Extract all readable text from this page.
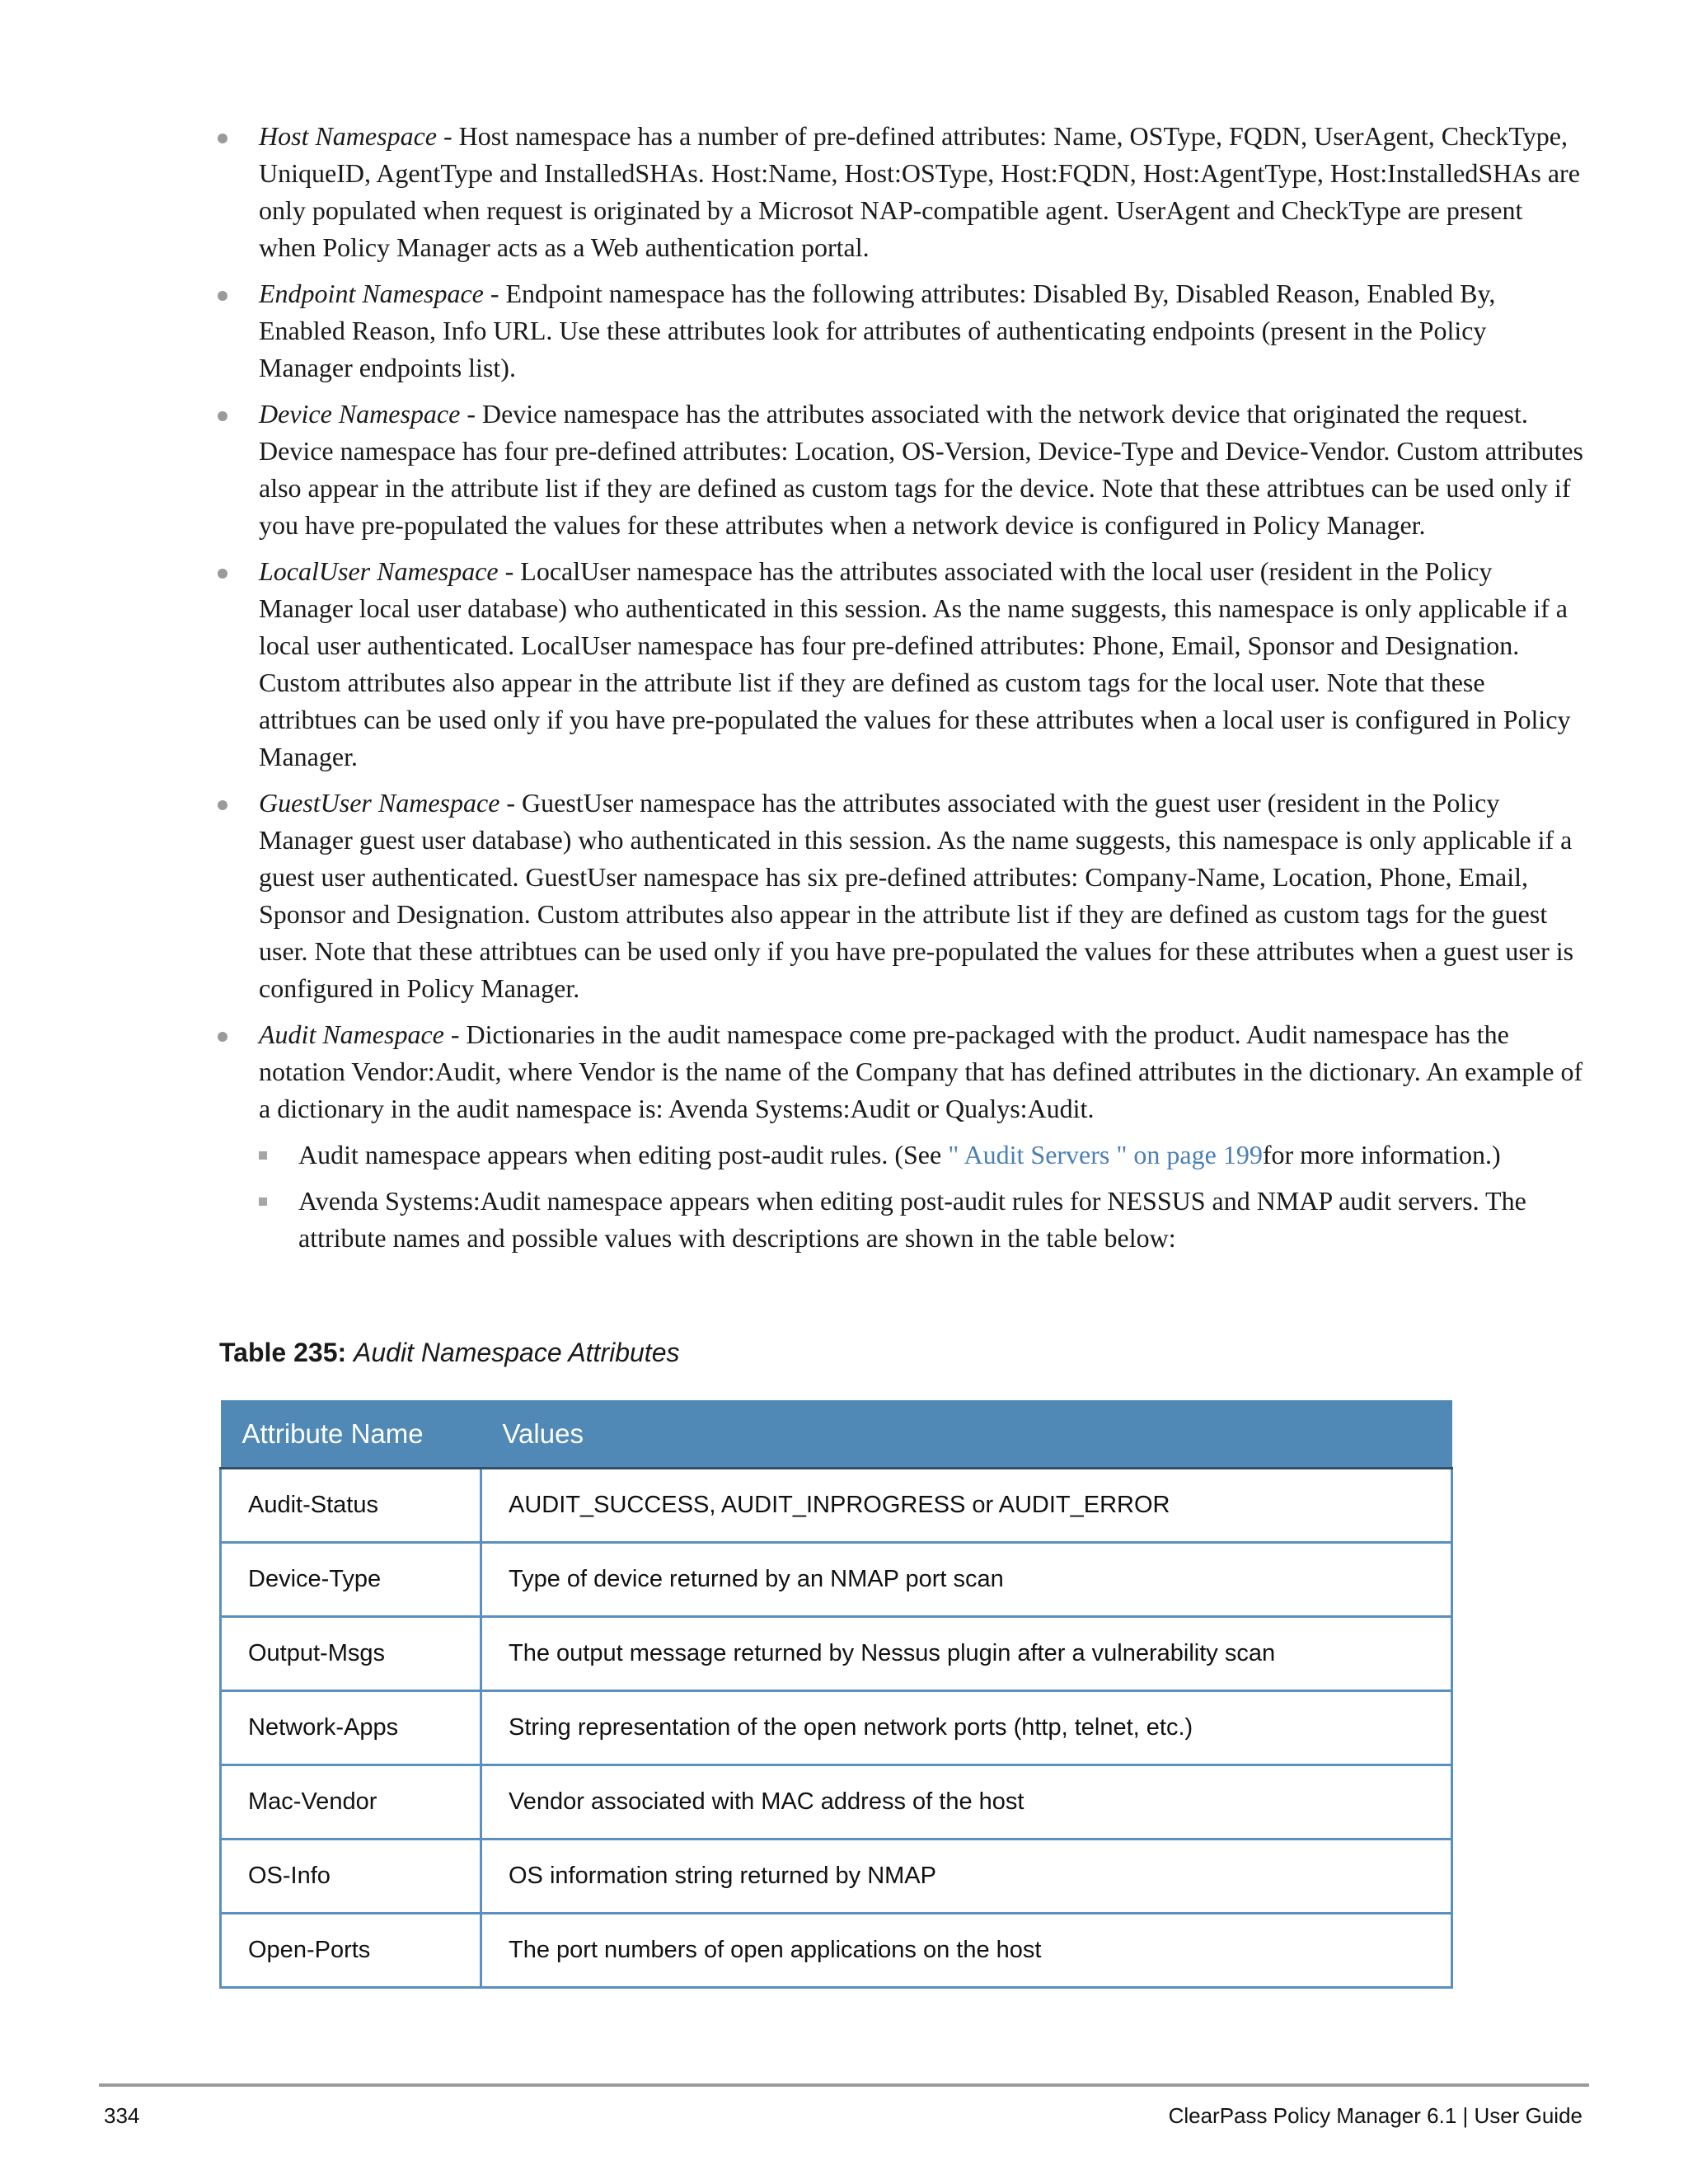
Host Namespace - Host namespace has a number of pre-defined attributes: Name, OSType, FQDN, UserAgent, CheckType, UniqueID, AgentType and InstalledSHAs. Host:Name, Host:OSType, Host:FQDN, Host:AgentType, Host:InstalledSHAs are only populated when request is originated by a Microsot NAP-compatible agent. UserAgent and CheckType are present when Policy Manager acts as a Web authentication portal.
Endpoint Namespace - Endpoint namespace has the following attributes: Disabled By, Disabled Reason, Enabled By, Enabled Reason, Info URL. Use these attributes look for attributes of authenticating endpoints (present in the Policy Manager endpoints list).
Device Namespace - Device namespace has the attributes associated with the network device that originated the request. Device namespace has four pre-defined attributes: Location, OS-Version, Device-Type and Device-Vendor. Custom attributes also appear in the attribute list if they are defined as custom tags for the device. Note that these attribtues can be used only if you have pre-populated the values for these attributes when a network device is configured in Policy Manager.
LocalUser Namespace - LocalUser namespace has the attributes associated with the local user (resident in the Policy Manager local user database) who authenticated in this session. As the name suggests, this namespace is only applicable if a local user authenticated. LocalUser namespace has four pre-defined attributes: Phone, Email, Sponsor and Designation. Custom attributes also appear in the attribute list if they are defined as custom tags for the local user. Note that these attribtues can be used only if you have pre-populated the values for these attributes when a local user is configured in Policy Manager.
GuestUser Namespace - GuestUser namespace has the attributes associated with the guest user (resident in the Policy Manager guest user database) who authenticated in this session. As the name suggests, this namespace is only applicable if a guest user authenticated. GuestUser namespace has six pre-defined attributes: Company-Name, Location, Phone, Email, Sponsor and Designation. Custom attributes also appear in the attribute list if they are defined as custom tags for the guest user. Note that these attribtues can be used only if you have pre-populated the values for these attributes when a guest user is configured in Policy Manager.
Audit Namespace - Dictionaries in the audit namespace come pre-packaged with the product. Audit namespace has the notation Vendor:Audit, where Vendor is the name of the Company that has defined attributes in the dictionary. An example of a dictionary in the audit namespace is: Avenda Systems:Audit or Qualys:Audit.
Audit namespace appears when editing post-audit rules. (See " Audit Servers " on page 199for more information.)
Avenda Systems:Audit namespace appears when editing post-audit rules for NESSUS and NMAP audit servers. The attribute names and possible values with descriptions are shown in the table below:
Table 235: Audit Namespace Attributes
Attribute Name	Values
Audit-Status	AUDIT_SUCCESS, AUDIT_INPROGRESS or AUDIT_ERROR
Device-Type	Type of device returned by an NMAP port scan
Output-Msgs	The output message returned by Nessus plugin after a vulnerability scan
Network-Apps	String representation of the open network ports (http, telnet, etc.)
Mac-Vendor	Vendor associated with MAC address of the host
OS-Info	OS information string returned by NMAP
Open-Ports	The port numbers of open applications on the host
334	ClearPass Policy Manager 6.1 | User Guide
